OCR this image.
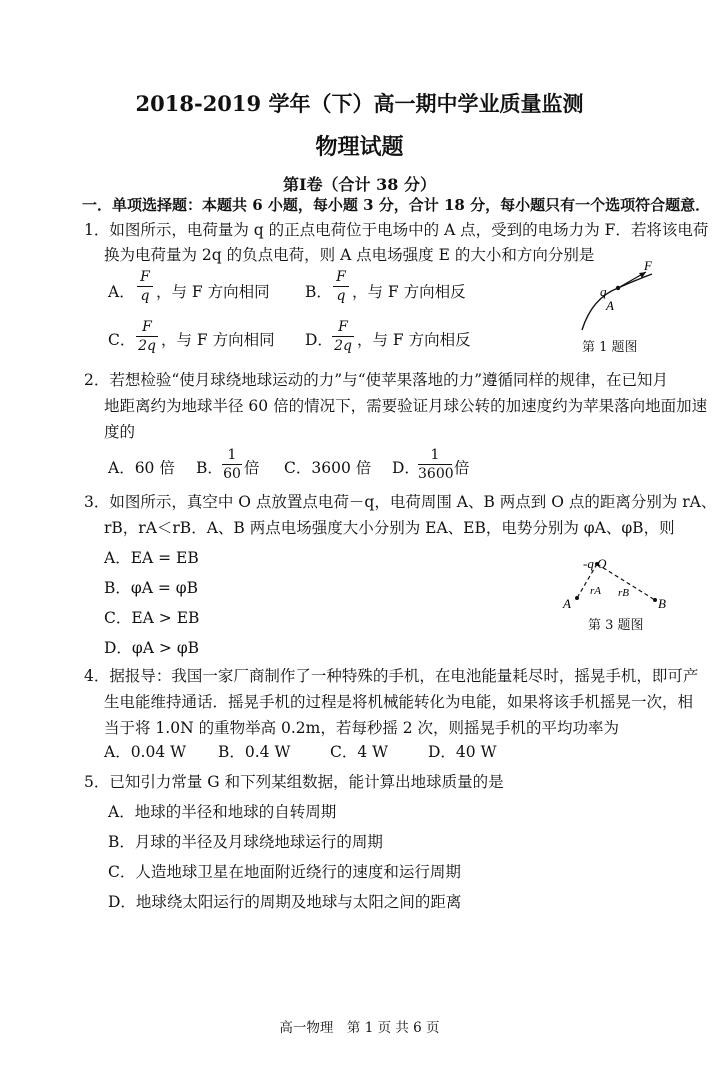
2018-2019 学年（下）高一期中学业质量监测
物理试题
第Ⅰ卷（合计 38 分）
一．单项选择题：本题共 6 小题，每小题 3 分，合计 18 分，每小题只有一个选项符合题意．
1．如图所示，电荷量为 q 的正点电荷位于电场中的 A 点，受到的电场力为 F．若将该电荷
换为电荷量为 2q 的负点电荷，则 A 点电场强度 E 的大小和方向分别是
A．
F
q ，与 F 方向相同 B．
F
q ，与 F 方向相反
C．
F
2q ，与 F 方向相同 D．
F
2q ，与 F 方向相反
F
q
A
第 1 题图
2．若想检验“使月球绕地球运动的力”与“使苹果落地的力”遵循同样的规律，在已知月
地距离约为地球半径 60 倍的情况下，需要验证月球公转的加速度约为苹果落向地面加速
度的
A．60 倍 B．
1
60 倍 C．3600 倍 D．
1
3600 倍
3．如图所示，真空中 O 点放置点电荷－q，电荷周围 A、B 两点到 O 点的距离分别为 rA、
rB，rA＜rB．A、B 两点电场强度大小分别为 EA、EB，电势分别为 φA、φB，则
A．EA = EB
B．φA = φB
C．EA > EB
D．φA > φB
-q O
rA rB
A	B
第 3 题图
4．据报导：我国一家厂商制作了一种特殊的手机，在电池能量耗尽时，摇晃手机，即可产
生电能维持通话．摇晃手机的过程是将机械能转化为电能，如果将该手机摇晃一次，相
当于将 1.0N 的重物举高 0.2m，若每秒摇 2 次，则摇晃手机的平均功率为
A．0.04 W B．0.4 W	C．4 W	D．40 W
5．已知引力常量 G 和下列某组数据，能计算出地球质量的是
A．地球的半径和地球的自转周期
B．月球的半径及月球绕地球运行的周期
C．人造地球卫星在地面附近绕行的速度和运行周期
D．地球绕太阳运行的周期及地球与太阳之间的距离
高一物理　第 1 页 共 6 页
